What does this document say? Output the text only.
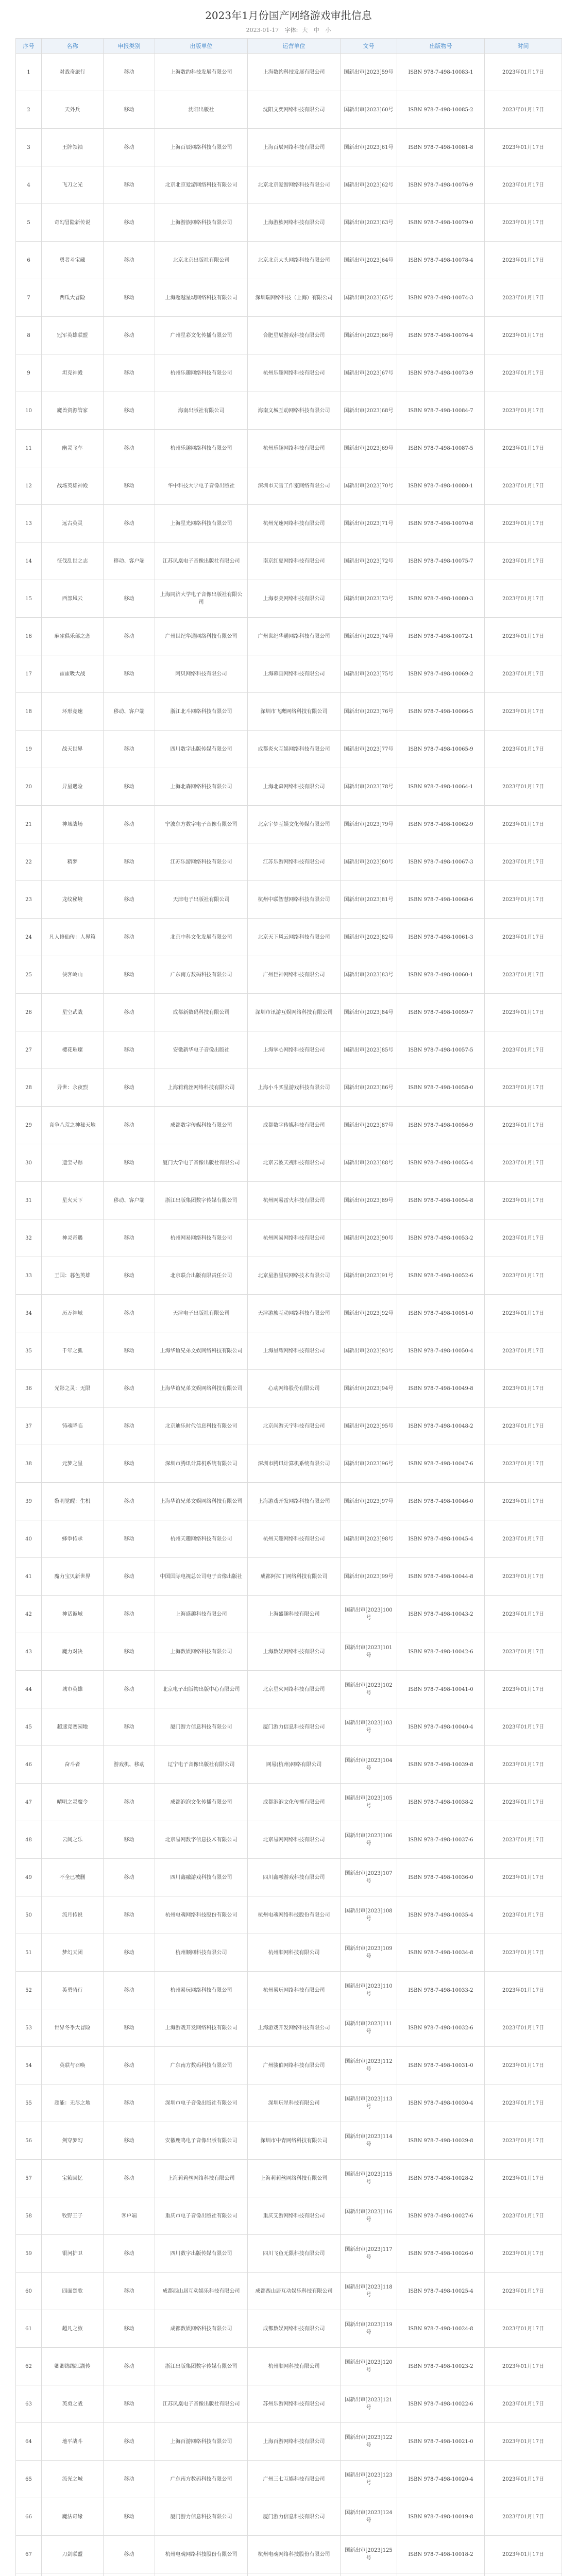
2023年1月份国产网络游戏审批信息
2023-01-17 字体: 大 中 小
序号	名称	申报类别	出版单位	运营单位	文号	出版物号	时间
1	对战奇旅行	移动	上海数约科技发展有限公司	上海数约科技发展有限公司	国新出审[2023]59号	ISBN 978-7-498-10083-1	2023年01月17日
2	天外兵	移动	沈阳出版社	沈阳文奕网络科技有限公司	国新出审[2023]60号	ISBN 978-7-498-10085-2	2023年01月17日
3	王牌领袖	移动	上海百辰网络科技有限公司	上海百辰网络科技有限公司	国新出审[2023]61号	ISBN 978-7-498-10081-8	2023年01月17日
4	飞刀之光	移动	北京北京爱游网络科技有限公司	北京北京爱游网络科技有限公司	国新出审[2023]62号	ISBN 978-7-498-10076-9	2023年01月17日
5	奇幻冒险新传说	移动	上海游族网络科技有限公司	上海游族网络科技有限公司	国新出审[2023]63号	ISBN 978-7-498-10079-0	2023年01月17日
6	勇者斗宝藏	移动	北京北京出版社有限公司	北京北京大头网络科技有限公司	国新出审[2023]64号	ISBN 978-7-498-10078-4	2023年01月17日
7	西瓜大冒险	移动	上海超越星城网络科技有限公司	深圳瑞网络科技（上海）有限公司	国新出审[2023]65号	ISBN 978-7-498-10074-3	2023年01月17日
8	冠军英雄联盟	移动	广州星彩文化传播有限公司	合肥星辰游戏科技有限公司	国新出审[2023]66号	ISBN 978-7-498-10076-4	2023年01月17日
9	坦克神殿	移动	杭州乐趣网络科技有限公司	杭州乐趣网络科技有限公司	国新出审[2023]67号	ISBN 978-7-498-10073-9	2023年01月17日
10	魔兽资源管家	移动	海南出版社有限公司	海南文城互动网络科技有限公司	国新出审[2023]68号	ISBN 978-7-498-10084-7	2023年01月17日
11	幽灵飞车	移动	杭州乐趣网络科技有限公司	杭州乐趣网络科技有限公司	国新出审[2023]69号	ISBN 978-7-498-10087-5	2023年01月17日
12	战场英雄神殿	移动	华中科技大学电子音像出版社	深圳市天雪工作室网络有限公司	国新出审[2023]70号	ISBN 978-7-498-10080-1	2023年01月17日
13	远古英灵	移动	上海星光网络科技有限公司	杭州光速网络科技有限公司	国新出审[2023]71号	ISBN 978-7-498-10070-8	2023年01月17日
14	征伐乱世之志	移动、客户端	江苏凤凰电子音像出版社有限公司	南京红夏网络科技有限公司	国新出审[2023]72号	ISBN 978-7-498-10075-7	2023年01月17日
15	西部风云	移动	上海同济大学电子音像出版社有限公司	上海泰美网络科技有限公司	国新出审[2023]73号	ISBN 978-7-498-10080-3	2023年01月17日
16	麻雀俱乐部之恋	移动	广州世纪华通网络科技有限公司	广州世纪华通网络科技有限公司	国新出审[2023]74号	ISBN 978-7-498-10072-1	2023年01月17日
17	霍霍吸大战	移动	阿贝网络科技有限公司	上海幕画网络科技有限公司	国新出审[2023]75号	ISBN 978-7-498-10069-2	2023年01月17日
18	环形竞速	移动、客户端	浙江北斗网络科技有限公司	深圳市飞鹰网络科技有限公司	国新出审[2023]76号	ISBN 978-7-498-10066-5	2023年01月17日
19	战天世界	移动	四川数字出版传媒有限公司	成都炎火互娱网络科技有限公司	国新出审[2023]77号	ISBN 978-7-498-10065-9	2023年01月17日
20	异星遇险	移动	上海北森网络科技有限公司	上海北森网络科技有限公司	国新出审[2023]78号	ISBN 978-7-498-10064-1	2023年01月17日
21	神域战场	移动	宁波东方数字电子音像有限公司	北京宇梦互娱文化传媒有限公司	国新出审[2023]79号	ISBN 978-7-498-10062-9	2023年01月17日
22	精梦	移动	江苏乐游网络科技有限公司	江苏乐游网络科技有限公司	国新出审[2023]80号	ISBN 978-7-498-10067-3	2023年01月17日
23	龙纹秘境	移动	天津电子出版社有限公司	杭州中联智慧网络科技有限公司	国新出审[2023]81号	ISBN 978-7-498-10068-6	2023年01月17日
24	凡人修仙传：人界篇	移动	北京中科文化发展有限公司	北京天下风云网络科技有限公司	国新出审[2023]82号	ISBN 978-7-498-10061-3	2023年01月17日
25	侠客岭山	移动	广东南方数码科技有限公司	广州巨神网络科技有限公司	国新出审[2023]83号	ISBN 978-7-498-10060-1	2023年01月17日
26	星空武战	移动	成都新数码科技有限公司	深圳市讯游互娱网络科技有限公司	国新出审[2023]84号	ISBN 978-7-498-10059-7	2023年01月17日
27	樱花璀璨	移动	安徽新华电子音像出版社	上海掌心网络科技有限公司	国新出审[2023]85号	ISBN 978-7-498-10057-5	2023年01月17日
28	异世：永夜烈	移动	上海莉莉丝网络科技有限公司	上海小斗买星游戏科技有限公司	国新出审[2023]86号	ISBN 978-7-498-10058-0	2023年01月17日
29	竞争八荒之神秘天地	移动	成都数字传媒科技有限公司	成都数字传媒科技有限公司	国新出审[2023]87号	ISBN 978-7-498-10056-9	2023年01月17日
30	遗宝寻踪	移动	厦门大学电子音像出版社有限公司	北京云波天视科技有限公司	国新出审[2023]88号	ISBN 978-7-498-10055-4	2023年01月17日
31	星火天下	移动、客户端	浙江出版集团数字传媒有限公司	杭州网易雷火科技有限公司	国新出审[2023]89号	ISBN 978-7-498-10054-8	2023年01月17日
32	神灵奇遇	移动	杭州网易网络科技有限公司	杭州网易网络科技有限公司	国新出审[2023]90号	ISBN 978-7-498-10053-2	2023年01月17日
33	王国：暮色英雄	移动	北京联合出版有限责任公司	北京星游星辰网络技术有限公司	国新出审[2023]91号	ISBN 978-7-498-10052-6	2023年01月17日
34	历万神域	移动	天津电子出版社有限公司	天津游族互动网络科技有限公司	国新出审[2023]92号	ISBN 978-7-498-10051-0	2023年01月17日
35	千年之狐	移动	上海华谊兄弟文娱网络科技有限公司	上海星耀网络科技有限公司	国新出审[2023]93号	ISBN 978-7-498-10050-4	2023年01月17日
36	光影之灵：无限	移动	上海华谊兄弟文娱网络科技有限公司	心动网络股份有限公司	国新出审[2023]94号	ISBN 978-7-498-10049-8	2023年01月17日
37	铸魂降临	移动	北京迪乐时代信息科技有限公司	北京尚游天宇科技有限公司	国新出审[2023]95号	ISBN 978-7-498-10048-2	2023年01月17日
38	元梦之星	移动	深圳市腾讯计算机系统有限公司	深圳市腾讯计算机系统有限公司	国新出审[2023]96号	ISBN 978-7-498-10047-6	2023年01月17日
39	黎明觉醒：生机	移动	上海华谊兄弟文娱网络科技有限公司	上海游戏开发网络科技有限公司	国新出审[2023]97号	ISBN 978-7-498-10046-0	2023年01月17日
40	蜂拳传承	移动	杭州天趣网络科技有限公司	杭州天趣网络科技有限公司	国新出审[2023]98号	ISBN 978-7-498-10045-4	2023年01月17日
41	魔力宝贝新世界	移动	中国国际电视总公司电子音像出版社	成都阿拉丁网络科技有限公司	国新出审[2023]99号	ISBN 978-7-498-10044-8	2023年01月17日
42	神话诡域	移动	上海盛趣科技有限公司	上海盛趣科技有限公司	国新出审[2023]100号	ISBN 978-7-498-10043-2	2023年01月17日
43	魔力对决	移动	上海数娱网络科技有限公司	上海数娱网络科技有限公司	国新出审[2023]101号	ISBN 978-7-498-10042-6	2023年01月17日
44	城市英雄	移动	北京电子出版物出版中心有限公司	北京星火网络科技有限公司	国新出审[2023]102号	ISBN 978-7-498-10041-0	2023年01月17日
45	超速竞赛园地	移动	厦门游力信息科技有限公司	厦门游力信息科技有限公司	国新出审[2023]103号	ISBN 978-7-498-10040-4	2023年01月17日
46	奋斗者	游戏机、移动	辽宁电子音像出版社有限公司	网易(杭州)网络有限公司	国新出审[2023]104号	ISBN 978-7-498-10039-8	2023年01月17日
47	晴明之灵魔令	移动	成都泡泡文化传播有限公司	成都泡泡文化传播有限公司	国新出审[2023]105号	ISBN 978-7-498-10038-2	2023年01月17日
48	云间之乐	移动	北京易网数字信息技术有限公司	北京易网网络科技有限公司	国新出审[2023]106号	ISBN 978-7-498-10037-6	2023年01月17日
49	不全已被删	移动	四川鑫融游戏科技有限公司	四川鑫融游戏科技有限公司	国新出审[2023]107号	ISBN 978-7-498-10036-0	2023年01月17日
50	流月传说	移动	杭州电魂网络科技股份有限公司	杭州电魂网络科技股份有限公司	国新出审[2023]108号	ISBN 978-7-498-10035-4	2023年01月17日
51	梦幻天团	移动	杭州顺网科技有限公司	杭州顺网科技有限公司	国新出审[2023]109号	ISBN 978-7-498-10034-8	2023年01月17日
52	英勇骑行	移动	杭州易玩网络科技有限公司	杭州易玩网络科技有限公司	国新出审[2023]110号	ISBN 978-7-498-10033-2	2023年01月17日
53	世界冬季大冒险	移动	上海游戏开发网络科技有限公司	上海游戏开发网络科技有限公司	国新出审[2023]111号	ISBN 978-7-498-10032-6	2023年01月17日
54	英联与召唤	移动	广东南方数码科技有限公司	广州骏伯网络科技有限公司	国新出审[2023]112号	ISBN 978-7-498-10031-0	2023年01月17日
55	超能：无尽之地	移动	深圳市电子音像出版社有限公司	深圳玩星科技有限公司	国新出审[2023]113号	ISBN 978-7-498-10030-4	2023年01月17日
56	剑穿梦幻	移动	安徽鹿鸣电子音像出版有限公司	深圳市中青网络科技有限公司	国新出审[2023]114号	ISBN 978-7-498-10029-8	2023年01月17日
57	宝箱回忆	移动	上海莉莉丝网络科技有限公司	上海莉莉丝网络科技有限公司	国新出审[2023]115号	ISBN 978-7-498-10028-2	2023年01月17日
58	牧野王子	客户端	重庆市电子音像出版社有限公司	重庆艾游网络科技有限公司	国新出审[2023]116号	ISBN 978-7-498-10027-6	2023年01月17日
59	银河护卫	移动	四川数字出版传媒有限公司	四川飞鱼无限科技有限公司	国新出审[2023]117号	ISBN 978-7-498-10026-0	2023年01月17日
60	四面楚歌	移动	成都西山居互动娱乐科技有限公司	成都西山居互动娱乐科技有限公司	国新出审[2023]118号	ISBN 978-7-498-10025-4	2023年01月17日
61	超凡之旅	移动	成都数娱网络科技有限公司	成都数娱网络科技有限公司	国新出审[2023]119号	ISBN 978-7-498-10024-8	2023年01月17日
62	卿卿绵绵江湖传	移动	浙江出版集团数字传媒有限公司	杭州顺网科技有限公司	国新出审[2023]120号	ISBN 978-7-498-10023-2	2023年01月17日
63	英勇之战	移动	江苏凤凰电子音像出版社有限公司	苏州乐游网络科技有限公司	国新出审[2023]121号	ISBN 978-7-498-10022-6	2023年01月17日
64	地平战斗	移动	上海百游网络科技有限公司	上海百游网络科技有限公司	国新出审[2023]122号	ISBN 978-7-498-10021-0	2023年01月17日
65	流光之城	移动	广东南方数码科技有限公司	广州三七互娱科技有限公司	国新出审[2023]123号	ISBN 978-7-498-10020-4	2023年01月17日
66	魔法奇缘	移动	厦门游力信息科技有限公司	厦门游力信息科技有限公司	国新出审[2023]124号	ISBN 978-7-498-10019-8	2023年01月17日
67	刀剑联盟	移动	杭州电魂网络科技股份有限公司	杭州电魂网络科技股份有限公司	国新出审[2023]125号	ISBN 978-7-498-10018-2	2023年01月17日
